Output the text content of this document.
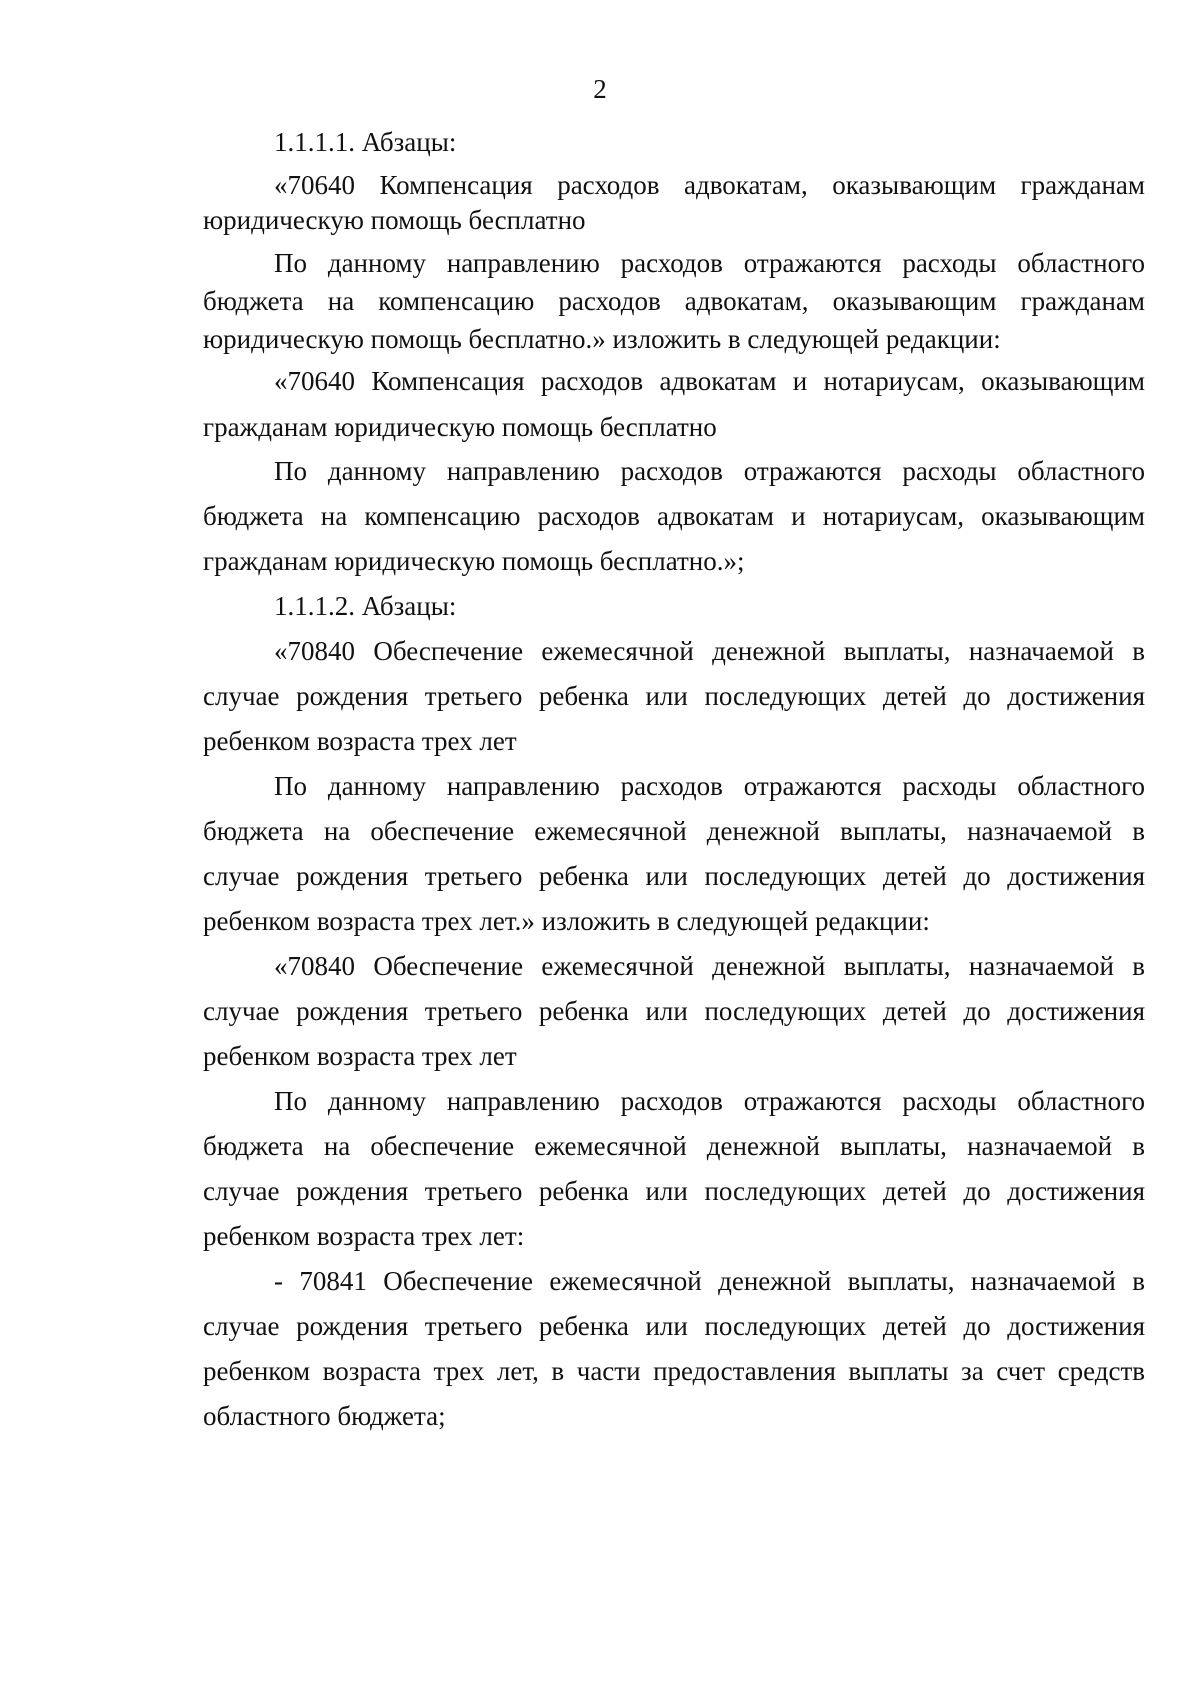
2
1.1.1.1. Абзацы:
«70640 Компенсация расходов адвокатам, оказывающим гражданам
юридическую помощь бесплатно
По данному направлению расходов отражаются расходы областного
бюджета на компенсацию расходов адвокатам, оказывающим гражданам
юридическую помощь бесплатно.» изложить в следующей редакции:
«70640 Компенсация расходов адвокатам и нотариусам, оказывающим
гражданам юридическую помощь бесплатно
По данному направлению расходов отражаются расходы областного
бюджета на компенсацию расходов адвокатам и нотариусам, оказывающим
гражданам юридическую помощь бесплатно.»;
1.1.1.2. Абзацы:
«70840 Обеспечение ежемесячной денежной выплаты, назначаемой в
случае рождения третьего ребенка или последующих детей до достижения
ребенком возраста трех лет
По данному направлению расходов отражаются расходы областного
бюджета на обеспечение ежемесячной денежной выплаты, назначаемой в
случае рождения третьего ребенка или последующих детей до достижения
ребенком возраста трех лет.» изложить в следующей редакции:
«70840 Обеспечение ежемесячной денежной выплаты, назначаемой в
случае рождения третьего ребенка или последующих детей до достижения
ребенком возраста трех лет
По данному направлению расходов отражаются расходы областного
бюджета на обеспечение ежемесячной денежной выплаты, назначаемой в
случае рождения третьего ребенка или последующих детей до достижения
ребенком возраста трех лет:
- 70841 Обеспечение ежемесячной денежной выплаты, назначаемой в
случае рождения третьего ребенка или последующих детей до достижения
ребенком возраста трех лет, в части предоставления выплаты за счет средств
областного бюджета;
